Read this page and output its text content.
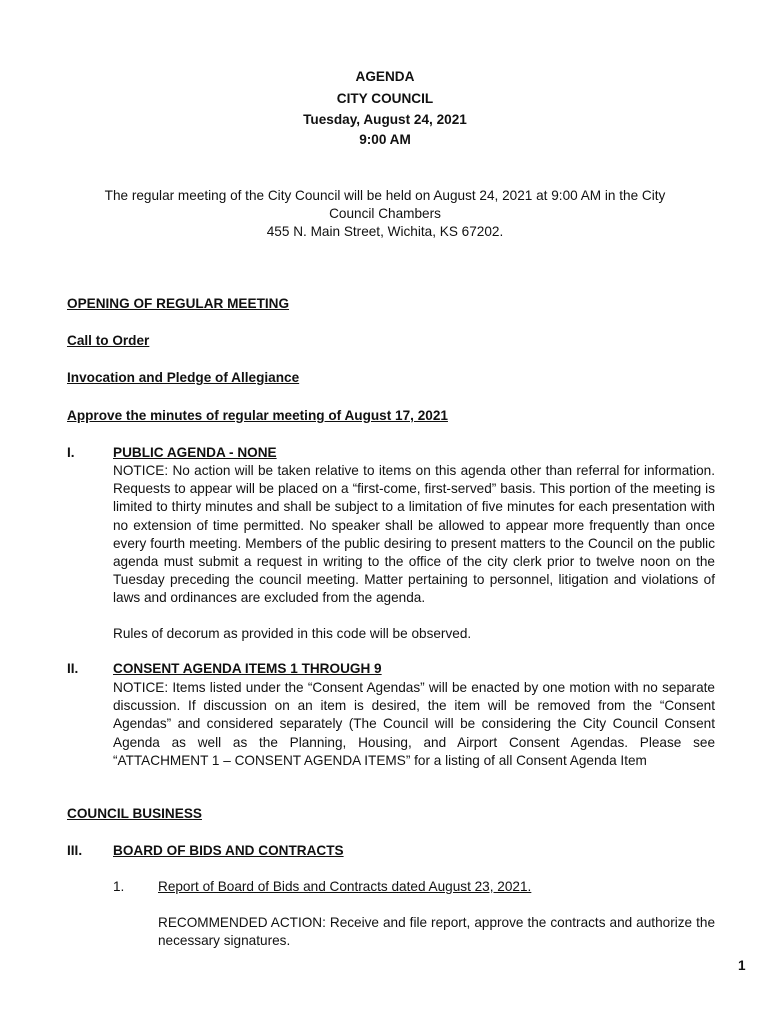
AGENDA
CITY COUNCIL
Tuesday, August 24, 2021
9:00 AM
The regular meeting of the City Council will be held on August 24, 2021 at 9:00 AM in the City
Council Chambers
455 N. Main Street, Wichita, KS 67202.
OPENING OF REGULAR MEETING
Call to Order
Invocation and Pledge of Allegiance
Approve the minutes of regular meeting of August 17, 2021
I.	PUBLIC AGENDA - NONE
NOTICE: No action will be taken relative to items on this agenda other than referral for information. Requests to appear will be placed on a “first-come, first-served” basis. This portion of the meeting is limited to thirty minutes and shall be subject to a limitation of five minutes for each presentation with no extension of time permitted. No speaker shall be allowed to appear more frequently than once every fourth meeting. Members of the public desiring to present matters to the Council on the public agenda must submit a request in writing to the office of the city clerk prior to twelve noon on the Tuesday preceding the council meeting. Matter pertaining to personnel, litigation and violations of laws and ordinances are excluded from the agenda.
Rules of decorum as provided in this code will be observed.
II.	CONSENT AGENDA ITEMS 1 THROUGH 9
NOTICE: Items listed under the “Consent Agendas” will be enacted by one motion with no separate discussion. If discussion on an item is desired, the item will be removed from the “Consent Agendas” and considered separately (The Council will be considering the City Council Consent Agenda as well as the Planning, Housing, and Airport Consent Agendas. Please see “ATTACHMENT 1 – CONSENT AGENDA ITEMS” for a listing of all Consent Agenda Item
COUNCIL BUSINESS
III. BOARD OF BIDS AND CONTRACTS
1. Report of Board of Bids and Contracts dated August 23, 2021.
RECOMMENDED ACTION: Receive and file report, approve the contracts and authorize the necessary signatures.
1
